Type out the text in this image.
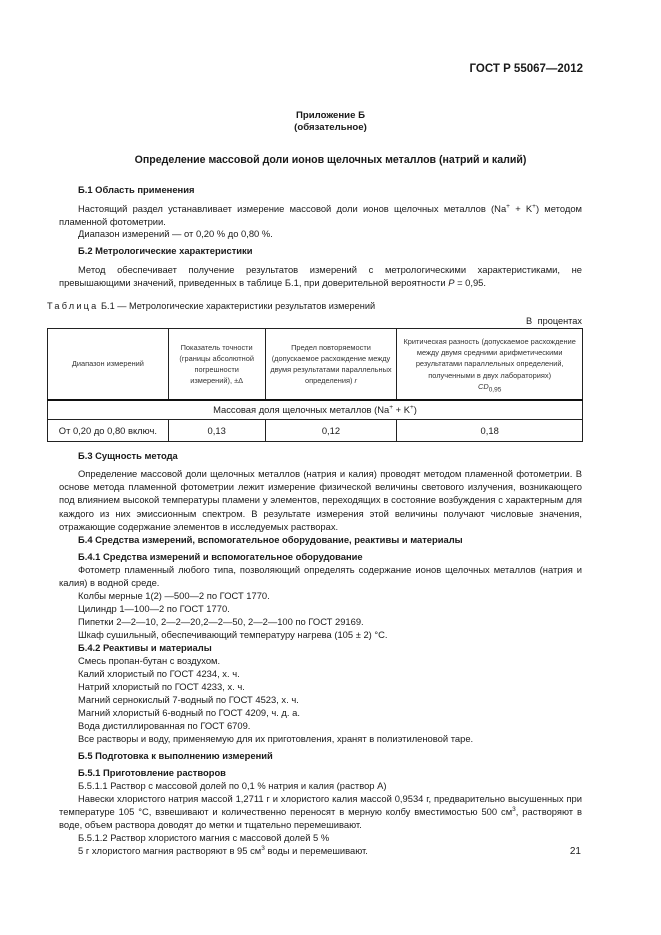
ГОСТ Р 55067—2012
Приложение Б
(обязательное)
Определение массовой доли ионов щелочных металлов (натрий и калий)
Б.1 Область применения
Настоящий раздел устанавливает измерение массовой доли ионов щелочных металлов (Na+ + K+) методом пламенной фотометрии.
Диапазон измерений — от 0,20 % до 0,80 %.
Б.2 Метрологические характеристики
Метод обеспечивает получение результатов измерений с метрологическими характеристиками, не превышающими значений, приведенных в таблице Б.1, при доверительной вероятности P = 0,95.
Таблица Б.1 — Метрологические характеристики результатов измерений
В процентах
Диапазон измерений	Показатель точности (границы абсолютной погрешности измерений), ±Δ	Предел повторяемости (допускаемое расхождение между двумя результатами параллельных определения) r	Критическая разность (допускаемое расхождение между двумя средними арифметическими результатами параллельных определений, полученными в двух лабораториях)
$CD_{0,95}$
Массовая доля щелочных металлов (Na+ + K+)			
От 0,20 до 0,80 включ.	0,13	0,12	0,18
Б.3 Сущность метода
Определение массовой доли щелочных металлов (натрия и калия) проводят методом пламенной фотометрии. В основе метода пламенной фотометрии лежит измерение физической величины светового излучения, возникающего под влиянием высокой температуры пламени у элементов, переходящих в состояние возбуждения с характерным для каждого из них эмиссионным спектром. В результате измерения этой величины получают числовые значения, отражающие содержание элементов в исследуемых растворах.
Б.4 Средства измерений, вспомогательное оборудование, реактивы и материалы
Б.4.1 Средства измерений и вспомогательное оборудование
Фотометр пламенный любого типа, позволяющий определять содержание ионов щелочных металлов (натрия и калия) в водной среде.
Колбы мерные 1(2) —500—2 по ГОСТ 1770.
Цилиндр 1—100—2 по ГОСТ 1770.
Пипетки 2—2—10, 2—2—20,2—2—50, 2—2—100 по ГОСТ 29169.
Шкаф сушильный, обеспечивающий температуру нагрева (105 ± 2) °С.
Б.4.2 Реактивы и материалы
Смесь пропан-бутан с воздухом.
Калий хлористый по ГОСТ 4234, х. ч.
Натрий хлористый по ГОСТ 4233, х. ч.
Магний сернокислый 7-водный по ГОСТ 4523, х. ч.
Магний хлористый 6-водный по ГОСТ 4209, ч. д. а.
Вода дистиллированная по ГОСТ 6709.
Все растворы и воду, применяемую для их приготовления, хранят в полиэтиленовой таре.
Б.5 Подготовка к выполнению измерений
Б.5.1 Приготовление растворов
Б.5.1.1 Раствор с массовой долей по 0,1 % натрия и калия (раствор А)
Навески хлористого натрия массой 1,2711 г и хлористого калия массой 0,9534 г, предварительно высушенных при температуре 105 °С, взвешивают и количественно переносят в мерную колбу вместимостью 500 $см^3$, растворяют в воде, объем раствора доводят до метки и тщательно перемешивают.
Б.5.1.2 Раствор хлористого магния с массовой долей 5 %
5 г хлористого магния растворяют в 95 $см^3$ воды и перемешивают.	21
